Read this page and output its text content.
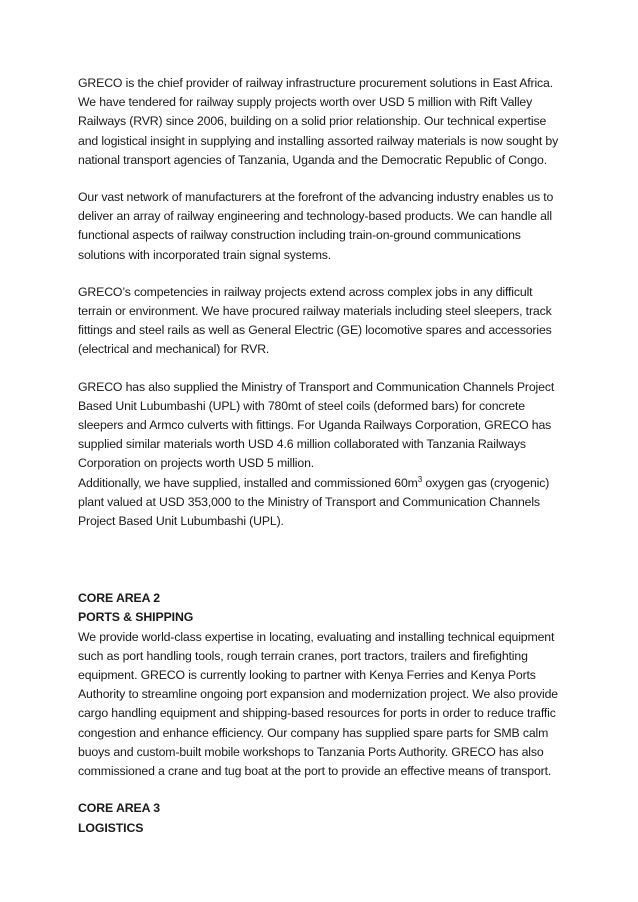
GRECO is the chief provider of railway infrastructure procurement solutions in East Africa. We have tendered for railway supply projects worth over USD 5 million with Rift Valley Railways (RVR) since 2006, building on a solid prior relationship. Our technical expertise and logistical insight in supplying and installing assorted railway materials is now sought by national transport agencies of Tanzania, Uganda and the Democratic Republic of Congo.

Our vast network of manufacturers at the forefront of the advancing industry enables us to deliver an array of railway engineering and technology-based products. We can handle all functional aspects of railway construction including train-on-ground communications solutions with incorporated train signal systems.

GRECO’s competencies in railway projects extend across complex jobs in any difficult terrain or environment. We have procured railway materials including steel sleepers, track fittings and steel rails as well as General Electric (GE) locomotive spares and accessories (electrical and mechanical) for RVR.

GRECO has also supplied the Ministry of Transport and Communication Channels Project Based Unit Lubumbashi (UPL) with 780mt of steel coils (deformed bars) for concrete sleepers and Armco culverts with fittings. For Uganda Railways Corporation, GRECO has supplied similar materials worth USD 4.6 million collaborated with Tanzania Railways Corporation on projects worth USD 5 million.

Additionally, we have supplied, installed and commissioned $60m^3$ oxygen gas (cryogenic) plant valued at USD 353,000 to the Ministry of Transport and Communication Channels Project Based Unit Lubumbashi (UPL).

CORE AREA 2
PORTS & SHIPPING

We provide world-class expertise in locating, evaluating and installing technical equipment such as port handling tools, rough terrain cranes, port tractors, trailers and firefighting equipment. GRECO is currently looking to partner with Kenya Ferries and Kenya Ports Authority to streamline ongoing port expansion and modernization project. We also provide cargo handling equipment and shipping-based resources for ports in order to reduce traffic congestion and enhance efficiency. Our company has supplied spare parts for SMB calm buoys and custom-built mobile workshops to Tanzania Ports Authority. GRECO has also commissioned a crane and tug boat at the port to provide an effective means of transport.

CORE AREA 3
LOGISTICS
